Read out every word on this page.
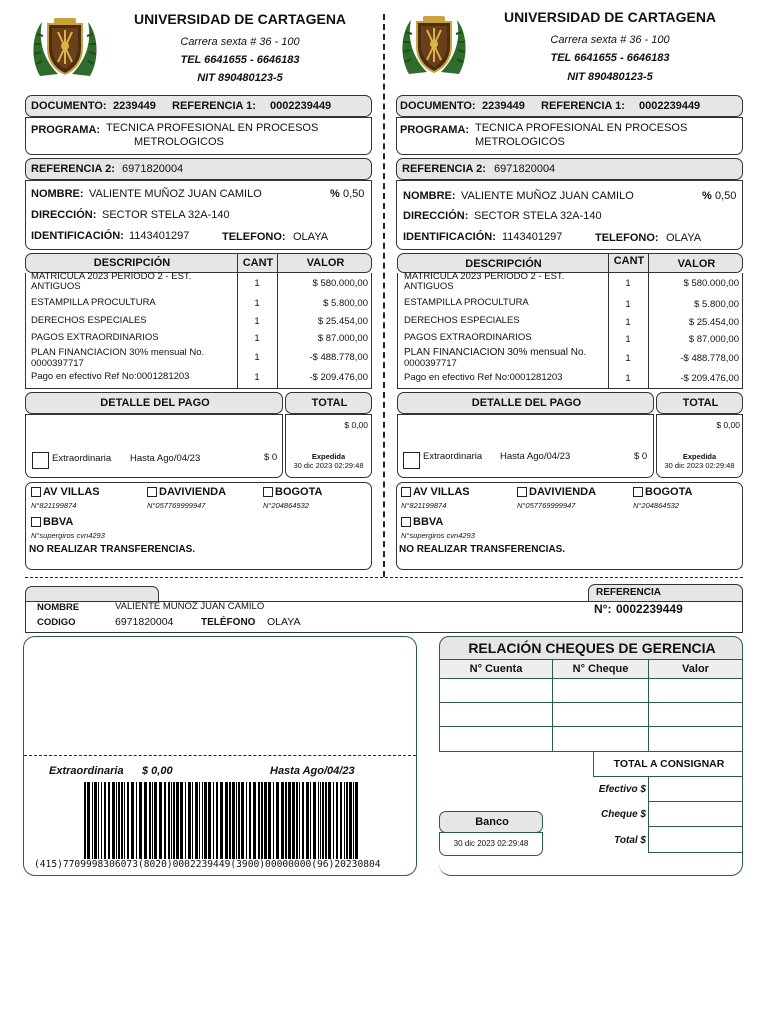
UNIVERSIDAD DE CARTAGENA
Carrera sexta # 36 - 100
TEL 6641655 - 6646183
NIT 890480123-5
DOCUMENTO: 2239449 REFERENCIA 1: 0002239449
PROGRAMA: TECNICA PROFESIONAL EN PROCESOS
METROLOGICOS
REFERENCIA 2: 6971820004
NOMBRE: VALIENTE MUÑOZ JUAN CAMILO	% 0,50
DIRECCIÓN: SECTOR STELA 32A-140
IDENTIFICACIÓN: 1143401297	TELEFONO: OLAYA
DESCRIPCIÓN	CANT	VALOR
MATRICULA 2023 PERIODO 2 - EST.
ANTIGUOS	1	$ 580.000,00
ESTAMPILLA PROCULTURA	1	$ 5.800,00
DERECHOS ESPECIALES	1	$ 25.454,00
PAGOS EXTRAORDINARIOS	1	$ 87.000,00
PLAN FINANCIACION 30% mensual No.
0000397717
1	-$ 488.778,00
Pago en efectivo Ref No:0001281203	1	-$ 209.476,00
DETALLE DEL PAGO
Extraordinaria Hasta Ago/04/23	$ 0
TOTAL
$ 0,00
Expedida
30 dic 2023 02:29:48
AV VILLAS
N°821199874
DAVIVIENDA
N°057769999947
BOGOTA
N°204864532
BBVA
N°supergiros cvn4293
NO REALIZAR TRANSFERENCIAS.
UNIVERSIDAD DE CARTAGENA
Carrera sexta # 36 - 100
TEL 6641655 - 6646183
NIT 890480123-5
DOCUMENTO: 2239449 REFERENCIA 1: 0002239449
PROGRAMA: TECNICA PROFESIONAL EN PROCESOS
METROLOGICOS
REFERENCIA 2: 6971820004
NOMBRE: VALIENTE MUÑOZ JUAN CAMILO	% 0,50
DIRECCIÓN: SECTOR STELA 32A-140
IDENTIFICACIÓN: 1143401297	TELEFONO: OLAYA
DESCRIPCIÓN	CANT	VALOR
MATRICULA 2023 PERIODO 2 - EST.
ANTIGUOS	1	$ 580.000,00
ESTAMPILLA PROCULTURA	1	$ 5.800,00
DERECHOS ESPECIALES	1	$ 25.454,00
PAGOS EXTRAORDINARIOS	1	$ 87.000,00
PLAN FINANCIACION 30% mensual No.
0000397717	1	-$ 488.778,00
Pago en efectivo Ref No:0001281203	1	-$ 209.476,00
DETALLE DEL PAGO
Extraordinaria Hasta Ago/04/23	$ 0
TOTAL
$ 0,00
Expedida
30 dic 2023 02:29:48
AV VILLAS
N°821199874
DAVIVIENDA
N°057769999947
BOGOTA
N°204864532
BBVA
N°supergiros cvn4293
NO REALIZAR TRANSFERENCIAS.
REFERENCIA
NOMBRE	VALIENTE MUNOZ JUAN CAMILO
CODIGO	6971820004	TELÉFONO OLAYA
N°: 0002239449
Extraordinaria $ 0,00	Hasta Ago/04/23
(415)7709998306073(8020)0002239449(3900)00000000(96)20230804
RELACIÓN CHEQUES DE GERENCIA
N° Cuenta	N° Cheque	Valor
TOTAL A CONSIGNAR
Efectivo $
Cheque $
Total $
Banco
30 dic 2023 02:29:48
